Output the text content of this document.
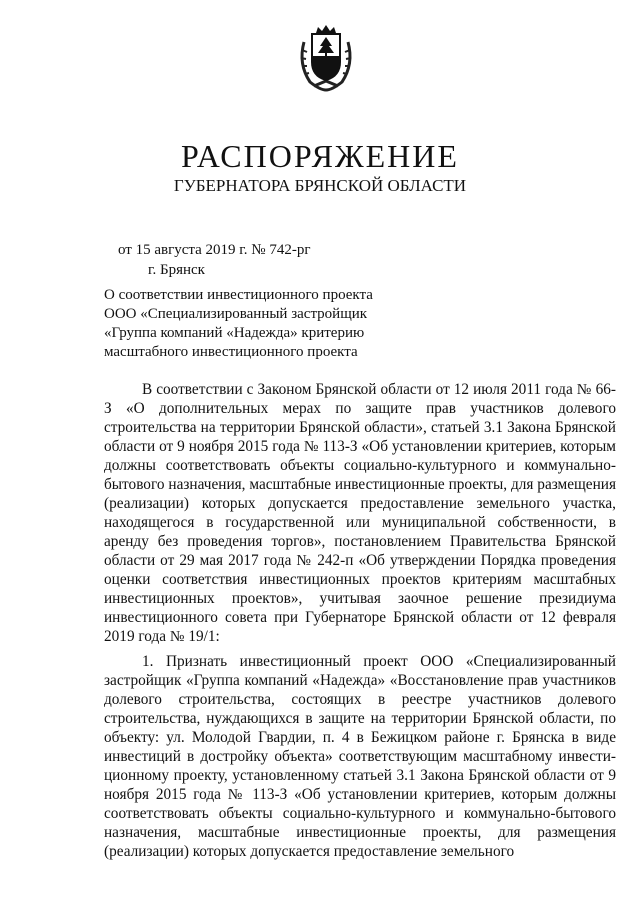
РАСПОРЯЖЕНИЕ
ГУБЕРНАТОРА БРЯНСКОЙ ОБЛАСТИ
от 15 августа 2019 г. № 742-рг
г. Брянск
О соответствии инвестиционного проекта
ООО «Специализированный застройщик
«Группа компаний «Надежда» критерию
масштабного инвестиционного проекта

В соответствии с Законом Брянской области от 12 июля 2011 года № 66-З «О дополнительных мерах по защите прав участников долевого строительства на территории Брянской области», статьей 3.1 Закона Брянской области от 9 ноября 2015 года № 113-З «Об установлении критериев, которым должны соответствовать объекты социально-культурного и коммунально-бытового назначения, масштабные инвестиционные проекты, для размещения (реализации) которых допускается предоставление земельного участка, находящегося в государственной или муниципальной собственности, в аренду без проведения торгов», постановлением Правительства Брянской области от 29 мая 2017 года № 242-п «Об утверждении Порядка проведения оценки соответствия инвестиционных проектов критериям масштабных инвестиционных проектов», учитывая заочное решение президиума инвестиционного совета при Губернаторе Брянской области от 12 февраля 2019 года № 19/1:

1. Признать инвестиционный проект ООО «Специализированный застройщик «Группа компаний «Надежда» «Восстановление прав участников долевого строительства, состоящих в реестре участников долевого строительства, нуждающихся в защите на территории Брянской области, по объекту: ул. Молодой Гвардии, п. 4 в Бежицком районе г. Брянска в виде инвестиций в достройку объекта» соответствующим масштабному инвестиционному проекту, установленному статьей 3.1 Закона Брянской области от 9 ноября 2015 года № 113-З «Об установлении критериев, которым должны соответствовать объекты социально-культурного и коммунально-бытового назначения, масштабные инвестиционные проекты, для размещения (реализации) которых допускается предоставление земельного
